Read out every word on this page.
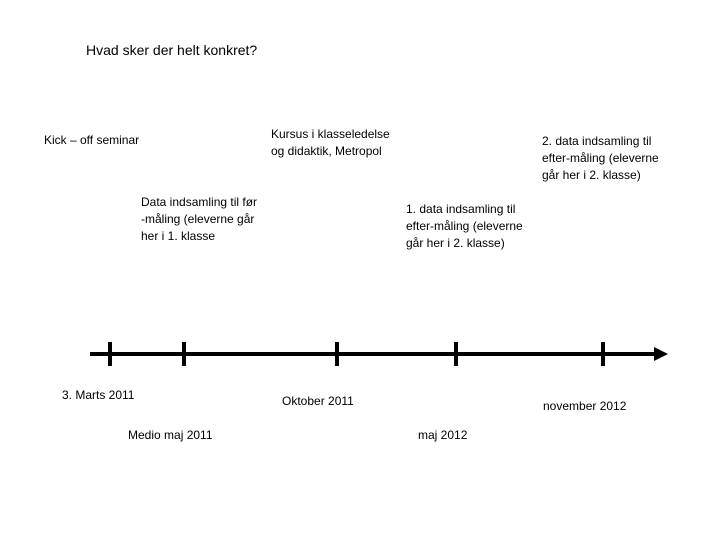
Hvad sker der helt konkret?
Kick – off seminar	Kursus i klasseledelse
og didaktik, Metropol
Data indsamling til før
-måling (eleverne går
her i 1. klasse
1. data indsamling til
efter-måling (eleverne
går her i 2. klasse)
2. data indsamling til
efter-måling (eleverne
går her i 2. klasse)
3. Marts 2011
Medio maj 2011
Oktober 2011
maj 2012
november 2012
